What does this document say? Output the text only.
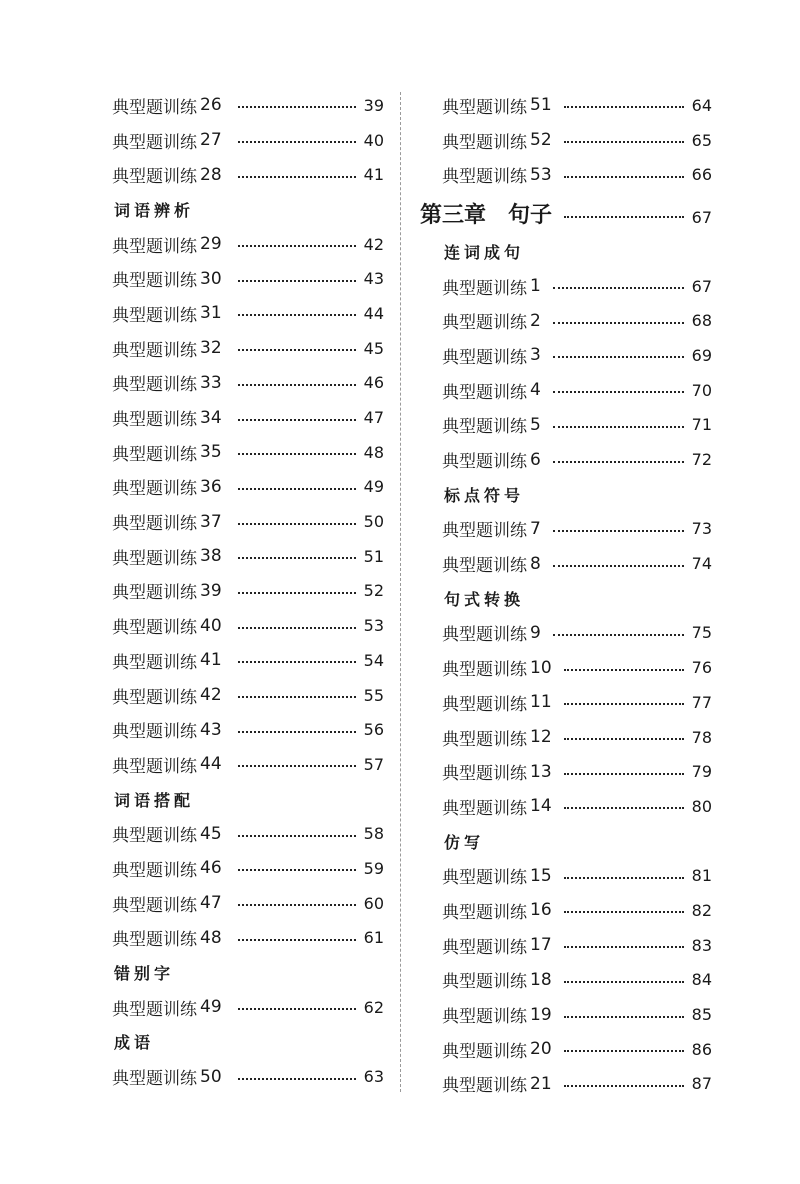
典型题训练 26	39
典型题训练 27	40
典型题训练 28	41
词语辨析
典型题训练 29	42
典型题训练 30	43
典型题训练 31	44
典型题训练 32	45
典型题训练 33	46
典型题训练 34	47
典型题训练 35	48
典型题训练 36	49
典型题训练 37	50
典型题训练 38	51
典型题训练 39	52
典型题训练 40	53
典型题训练 41	54
典型题训练 42	55
典型题训练 43	56
典型题训练 44	57
词语搭配
典型题训练 45	58
典型题训练 46	59
典型题训练 47	60
典型题训练 48	61
错别字
典型题训练 49	62
成语
典型题训练 50	63
典型题训练 51	64
典型题训练 52	65
典型题训练 53	66
第三章　句子	67
连词成句
典型题训练 1	67
典型题训练 2	68
典型题训练 3	69
典型题训练 4	70
典型题训练 5	71
典型题训练 6	72
标点符号
典型题训练 7	73
典型题训练 8	74
句式转换
典型题训练 9	75
典型题训练 10	76
典型题训练 11	77
典型题训练 12	78
典型题训练 13	79
典型题训练 14	80
仿写
典型题训练 15	81
典型题训练 16	82
典型题训练 17	83
典型题训练 18	84
典型题训练 19	85
典型题训练 20	86
典型题训练 21	87
